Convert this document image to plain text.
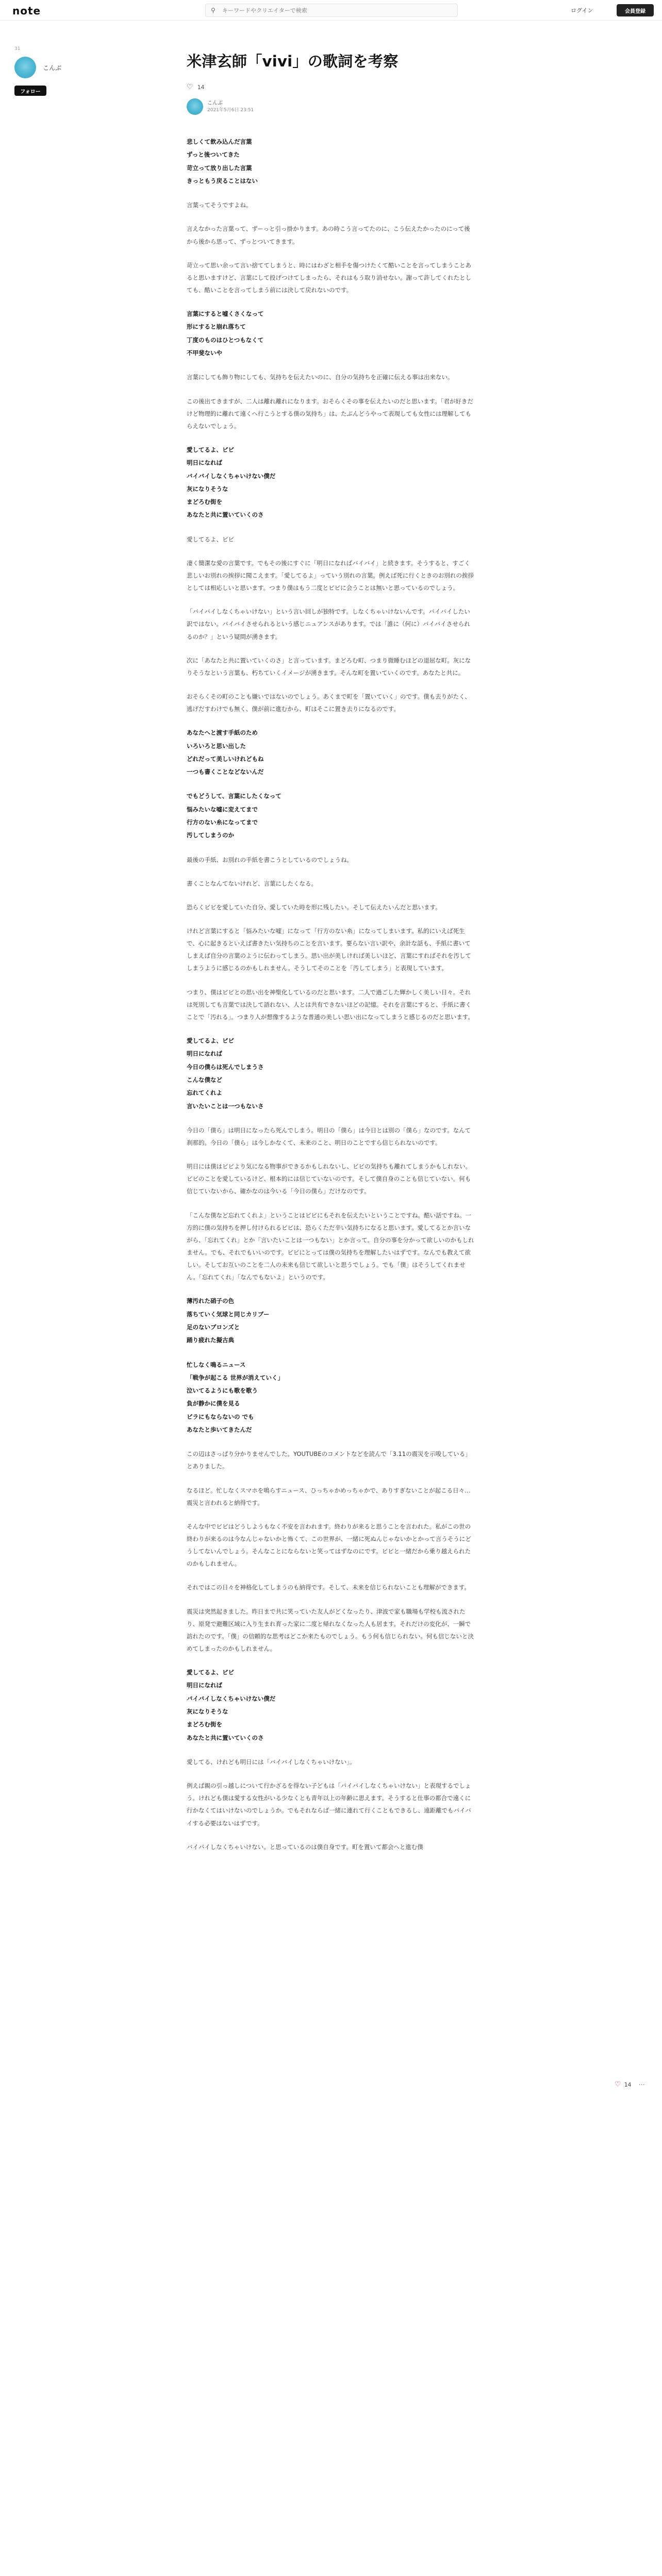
note	⚲
キーワードやクリエイターで検索	ログイン	会員登録
31
こんぶ
フォロー
米津玄師「vivi」の歌詞を考察
♡ 14
こんぶ
2021年5月6日 23:51
悲しくて飲み込んだ言葉
ずっと後ついてきた
苛立って放り出した言葉
きっともう戻ることはない

言葉ってそうですよね。

言えなかった言葉って、ずーっと引っ掛かります。あの時こう言ってたのに、こう伝えたかったのにって後から後から思って、ずっとついてきます。

苛立って思い余って言い捨ててしまうと、時にはわざと相手を傷つけたくて酷いことを言ってしまうことあると思いますけど、言葉にして投げつけてしまったら、それはもう取り消せない。謝って許してくれたとしても、酷いことを言ってしまう前には決して戻れないのです。

言葉にすると嘘くさくなって
形にすると崩れ落ちて
丁度のものはひとつもなくて
不甲斐ないや

言葉にしても飾り物にしても、気持ちを伝えたいのに、自分の気持ちを正確に伝える事は出来ない。

この後出てきますが、二人は離れ離れになります。おそらくその事を伝えたいのだと思います。「君が好きだけど物理的に離れて遠くへ行こうとする僕の気持ち」は、たぶんどうやって表現しても女性には理解してもらえないでしょう。

愛してるよ、ビビ
明日になれば
バイバイしなくちゃいけない僕だ
灰になりそうな
まどろむ街を
あなたと共に置いていくのさ

愛してるよ、ビビ

凄く簡潔な愛の言葉です。でもその後にすぐに「明日になればバイバイ」と続きます。そうすると、すごく悲しいお別れの挨拶に聞こえます。「愛してるよ」っていう別れの言葉。例えば死に行くときのお別れの挨拶としては相応しいと思います。つまり僕はもう二度とビビに会うことは無いと思っているのでしょう。

「バイバイしなくちゃいけない」という言い回しが独特です。しなくちゃいけないんです。バイバイしたい訳ではない。バイバイさせられるという感じニュアンスがあります。では「誰に（何に）バイバイさせられるのか？」という疑問が湧きます。

次に「あなたと共に置いていくのさ」と言っています。まどろむ町、つまり微睡むほどの退屈な町。灰になりそうなという言葉も、朽ちていくイメージが湧きます。そんな町を置いていくのです。あなたと共に。

おそらくその町のことも嫌いではないのでしょう。あくまで町を「置いていく」のです。僕も去りがたく、逃げだすわけでも無く、僕が前に進むから、町はそこに置き去りになるのです。

あなたへと渡す手紙のため
いろいろと思い出した
どれだって美しいけれどもね
一つも書くことなどないんだ
でもどうして、言葉にしたくなって
悩みたいな嘘に変えてまで
行方のない糸になってまで
汚してしまうのか

最後の手紙、お別れの手紙を書こうとしているのでしょうね。

書くことなんてないけれど、言葉にしたくなる。

恐らくビビを愛していた自分、愛していた時を形に残したい。そして伝えたいんだと思います。

けれど言葉にすると「悩みたいな嘘」になって「行方のない糸」になってしまいます。私的にいえば死生で、心に起きるといえば書きたい気持ちのことを言います。要らない言い訳や、余計な話も、手紙に書いてしまえば自分の言葉のように伝わってしまう。思い出が美しければ美しいほど、言葉にすればそれを汚してしまうように感じるのかもしれません。そうしてそのことを「汚してしまう」と表現しています。

つまり、僕はビビとの思い出を神聖化しているのだと思います。二人で過ごした輝かしく美しい日々。それは死別しても言葉では決して語れない、人とは共有できないほどの記憶。それを言葉にすると、手紙に書くことで「汚れる」。つまり人が想像するような普通の美しい思い出になってしまうと感じるのだと思います。

愛してるよ、ビビ
明日になれば
今日の僕らは死んでしまうさ
こんな僕など
忘れてくれよ
言いたいことは一つもないさ

今日の「僕ら」は明日になったら死んでしまう。明日の「僕ら」は今日とは別の「僕ら」なのです。なんて刹那的。今日の「僕ら」は今しかなくて、未来のこと、明日のことですら信じられないのです。

明日には僕はビビより気になる物事ができるかもしれないし、ビビの気持ちも離れてしまうかもしれない。ビビのことを愛しているけど、根本的には信じていないのです。そして僕自身のことも信じていない。何も信じていないから、確かなのは今いる「今日の僕ら」だけなのです。

「こんな僕など忘れてくれよ」ということはビビにもそれを伝えたいということですね。酷い話ですね。一方的に僕の気持ちを押し付けられるビビは、恐らくただ辛い気持ちになると思います。愛してるとか言いながら、「忘れてくれ」とか「言いたいことは一つもない」とか言って。自分の事を分かって欲しいのかもしれません。でも、それでもいいのです。ビビにとっては僕の気持ちを理解したいはずです。なんでも教えて欲しい。そしてお互いのことを二人の未来も信じて欲しいと思うでしょう。でも「僕」はそうしてくれません。「忘れてくれ」「なんでもないよ」というのです。

薄汚れた硝子の色
落ちていく気球と同じカリブー
足のないブロンズと
踊り疲れた擬古典
忙しなく鳴るニュース
「戦争が起こる 世界が消えていく」
泣いてるようにも歌を歌う
負が静かに僕を見る
ビラにもならないの でも
あなたと歩いてきたんだ

この辺はさっぱり分かりませんでした。YOUTUBEのコメントなどを読んで「3.11の震災を示唆している」とありました。

なるほど。忙しなくスマホを鳴らすニュース、ひっちゃかめっちゃかで、ありすぎないことが起こる日々…震災と言われると納得です。

そんな中でビビはどうしようもなく不安を言われます。終わりが来ると思うことを言われた。私がこの世の終わりが来るのは今なんじゃないかと怖くて、この世界が、一緒に死ぬんじゃないかとかって言うそうにどうしてないんでしょう。そんなことにならないと笑ってはずなのにです。ビビと一緒だから乗り越えられたのかもしれません。

それではこの日々を神格化してしまうのも納得です。そして、未来を信じられないことも理解ができます。

震災は突然起きました。昨日まで共に笑っていた友人がどくなったり、津波で家も職場も学校も流されたり、原発で避難区域に入り生まれ育った家に二度と帰れなくなった人も居ます。それだけの変化が、一瞬で訪れたのです。「僕」の信頼的な思考はどこか来たものでしょう。もう何も信じられない。何も信じないと決めてしまったのかもしれません。

愛してるよ、ビビ
明日になれば
バイバイしなくちゃいけない僕だ
灰になりそうな
まどろむ街を
あなたと共に置いていくのさ

愛してる、けれども明日には「バイバイしなくちゃいけない」。

例えば親の引っ越しについて行かざるを得ない子どもは「バイバイしなくちゃいけない」と表現するでしょう。けれども僕は愛する女性がいる少なくとも青年以上の年齢に思えます。そうすると仕事の都合で遠くに行かなくてはいけないのでしょうか。でもそれならば一緒に連れて行くこともできるし、遠距離でもバイバイする必要はないはずです。

バイバイしなくちゃいけない。と思っているのは僕自身です。町を置いて都会へと進む僕

♡ 14 ⋯
